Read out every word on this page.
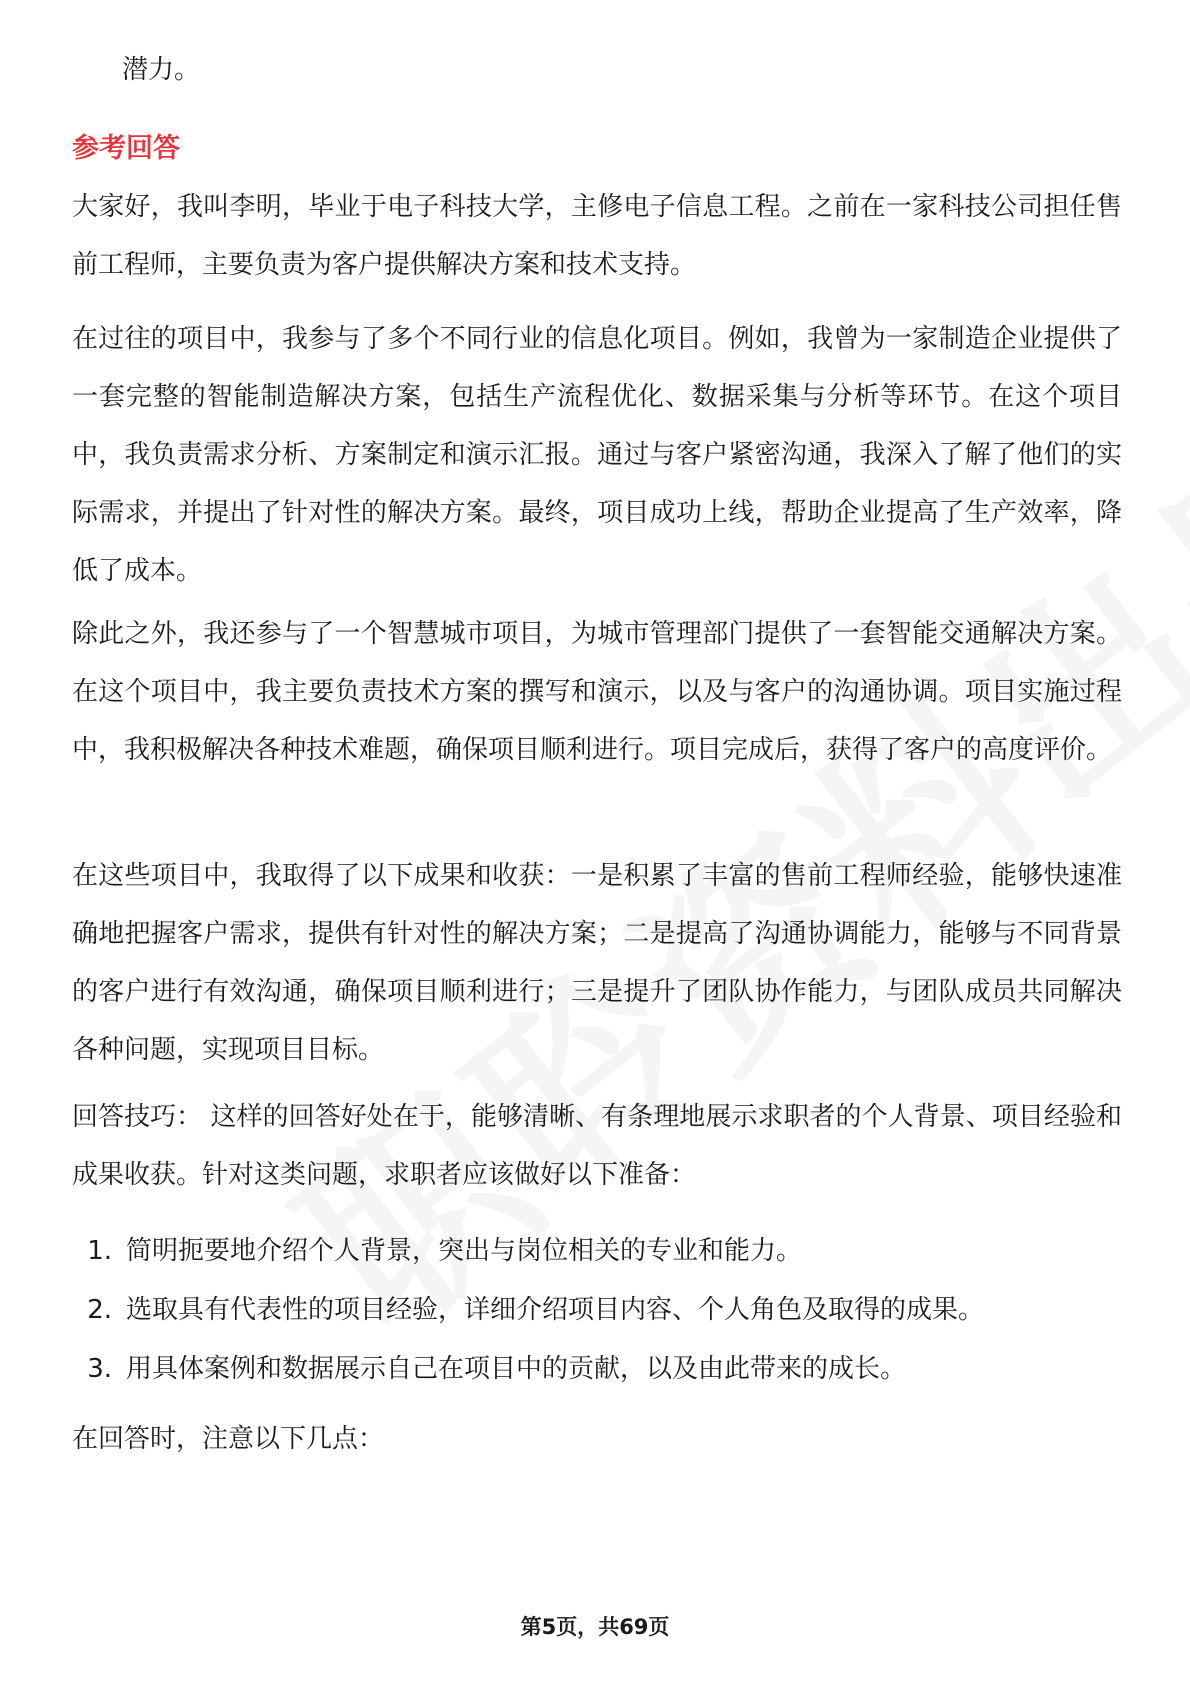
潜力。
参考回答
大家好，我叫李明，毕业于电子科技大学，主修电子信息工程。之前在一家科技公司担任售前工程师，主要负责为客户提供解决方案和技术支持。
在过往的项目中，我参与了多个不同行业的信息化项目。例如，我曾为一家制造企业提供了一套完整的智能制造解决方案，包括生产流程优化、数据采集与分析等环节。在这个项目中，我负责需求分析、方案制定和演示汇报。通过与客户紧密沟通，我深入了解了他们的实际需求，并提出了针对性的解决方案。最终，项目成功上线，帮助企业提高了生产效率，降低了成本。
除此之外，我还参与了一个智慧城市项目，为城市管理部门提供了一套智能交通解决方案。在这个项目中，我主要负责技术方案的撰写和演示，以及与客户的沟通协调。项目实施过程中，我积极解决各种技术难题，确保项目顺利进行。项目完成后，获得了客户的高度评价。
在这些项目中，我取得了以下成果和收获：一是积累了丰富的售前工程师经验，能够快速准确地把握客户需求，提供有针对性的解决方案；二是提高了沟通协调能力，能够与不同背景的客户进行有效沟通，确保项目顺利进行；三是提升了团队协作能力，与团队成员共同解决各种问题，实现项目目标。
回答技巧： 这样的回答好处在于，能够清晰、有条理地展示求职者的个人背景、项目经验和成果收获。针对这类问题，求职者应该做好以下准备：
1. 简明扼要地介绍个人背景，突出与岗位相关的专业和能力。
2. 选取具有代表性的项目经验，详细介绍项目内容、个人角色及取得的成果。
3. 用具体案例和数据展示自己在项目中的贡献，以及由此带来的成长。
在回答时，注意以下几点：
第5页，共69页
